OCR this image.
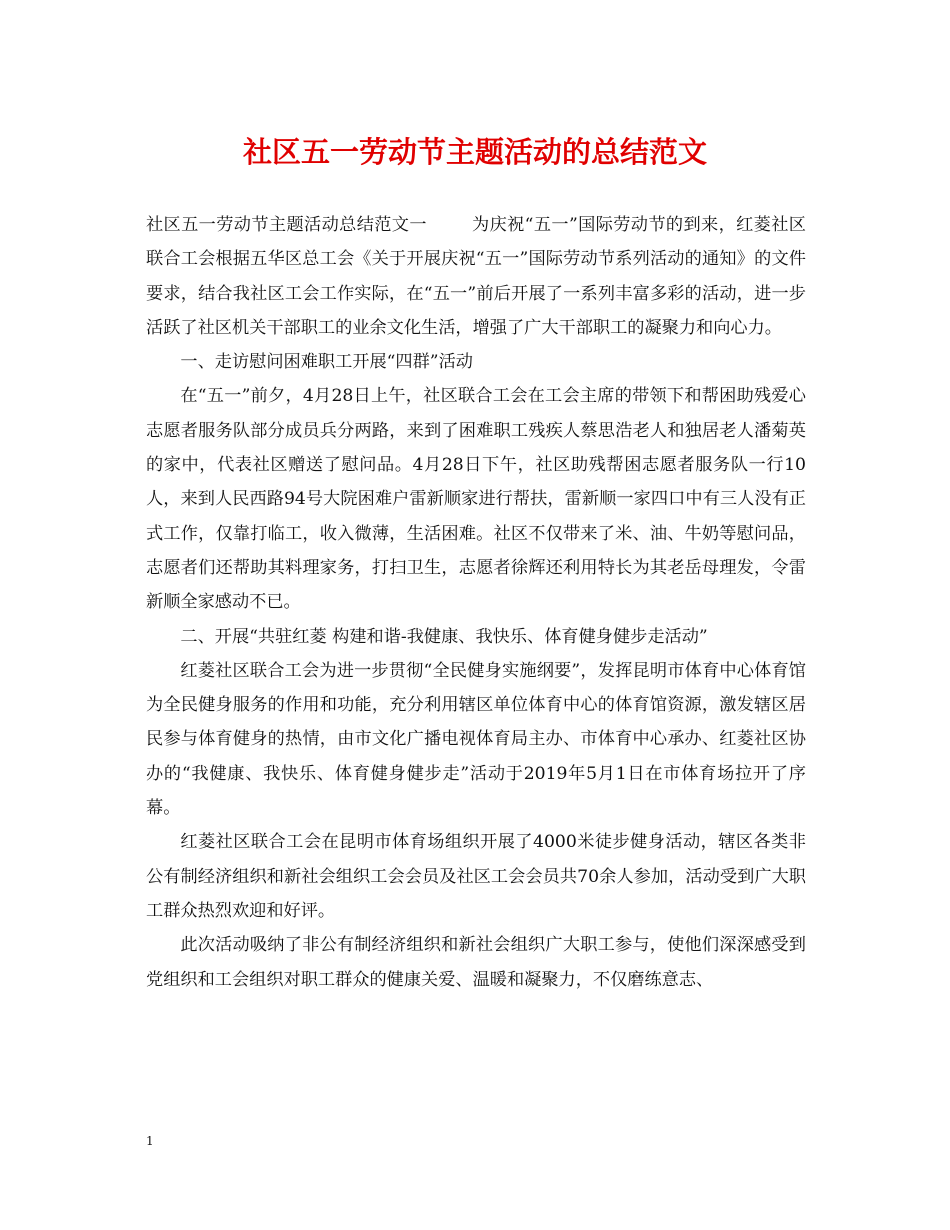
社区五一劳动节主题活动的总结范文

社区五一劳动节主题活动总结范文一	为庆祝“五一”国际劳动节的到来，红菱社区联合工会根据五华区总工会《关于开展庆祝“五一”国际劳动节系列活动的通知》的文件要求，结合我社区工会工作实际，在“五一”前后开展了一系列丰富多彩的活动，进一步活跃了社区机关干部职工的业余文化生活，增强了广大干部职工的凝聚力和向心力。

一、走访慰问困难职工开展“四群”活动

在“五一”前夕，4月28日上午，社区联合工会在工会主席的带领下和帮困助残爱心志愿者服务队部分成员兵分两路，来到了困难职工残疾人蔡思浩老人和独居老人潘菊英的家中，代表社区赠送了慰问品。4月28日下午，社区助残帮困志愿者服务队一行10人，来到人民西路94号大院困难户雷新顺家进行帮扶，雷新顺一家四口中有三人没有正式工作，仅靠打临工，收入微薄，生活困难。社区不仅带来了米、油、牛奶等慰问品，志愿者们还帮助其料理家务，打扫卫生，志愿者徐辉还利用特长为其老岳母理发，令雷新顺全家感动不已。

二、开展“共驻红菱 构建和谐-我健康、我快乐、体育健身健步走活动”

红菱社区联合工会为进一步贯彻“全民健身实施纲要”，发挥昆明市体育中心体育馆为全民健身服务的作用和功能，充分利用辖区单位体育中心的体育馆资源，激发辖区居民参与体育健身的热情，由市文化广播电视体育局主办、市体育中心承办、红菱社区协办的“我健康、我快乐、体育健身健步走”活动于2019年5月1日在市体育场拉开了序幕。

红菱社区联合工会在昆明市体育场组织开展了4000米徒步健身活动，辖区各类非公有制经济组织和新社会组织工会会员及社区工会会员共70余人参加，活动受到广大职工群众热烈欢迎和好评。

此次活动吸纳了非公有制经济组织和新社会组织广大职工参与，使他们深深感受到党组织和工会组织对职工群众的健康关爱、温暖和凝聚力，不仅磨练意志、

1
